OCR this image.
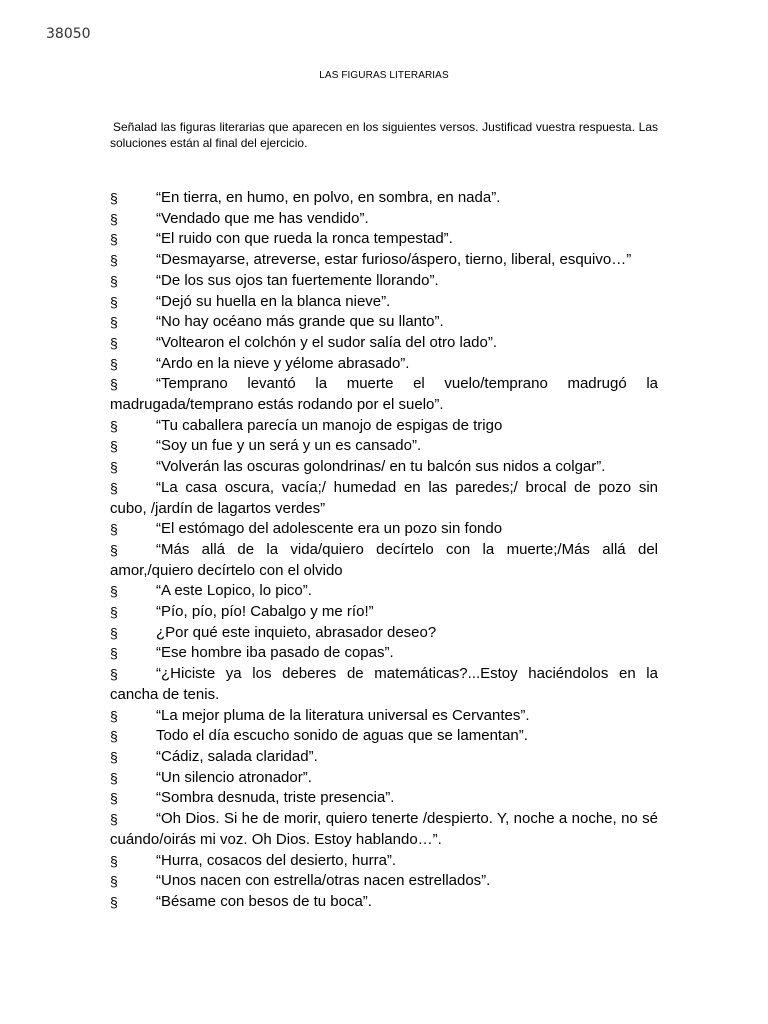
38050
LAS FIGURAS LITERARIAS
Señalad las figuras literarias que aparecen en los siguientes versos. Justificad vuestra respuesta. Las soluciones están al final del ejercicio.
§	“En tierra, en humo, en polvo, en sombra, en nada”.
§	“Vendado que me has vendido”.
§	“El ruido con que rueda la ronca tempestad”.
§	“Desmayarse, atreverse, estar furioso/áspero, tierno, liberal, esquivo…”
§	“De los sus ojos tan fuertemente llorando”.
§	“Dejó su huella en la blanca nieve”.
§	“No hay océano más grande que su llanto”.
§	“Voltearon el colchón y el sudor salía del otro lado”.
§	“Ardo en la nieve y yélome abrasado”.
§	“Temprano levantó la muerte el vuelo/temprano madrugó la madrugada/temprano estás rodando por el suelo”.
§	“Tu caballera parecía un manojo de espigas de trigo
§	“Soy un fue y un será y un es cansado”.
§	“Volverán las oscuras golondrinas/ en tu balcón sus nidos a colgar”.
§	“La casa oscura, vacía;/ humedad en las paredes;/ brocal de pozo sin cubo, /jardín de lagartos verdes”
§	“El estómago del adolescente era un pozo sin fondo
§	“Más allá de la vida/quiero decírtelo con la muerte;/Más allá del amor,/quiero decírtelo con el olvido
§	“A este Lopico, lo pico”.
§	“Pío, pío, pío! Cabalgo y me río!”
§	¿Por qué este inquieto, abrasador deseo?
§	“Ese hombre iba pasado de copas”.
§	“¿Hiciste ya los deberes de matemáticas?...Estoy haciéndolos en la cancha de tenis.
§	“La mejor pluma de la literatura universal es Cervantes”.
§	Todo el día escucho sonido de aguas que se lamentan”.
§	“Cádiz, salada claridad”.
§	“Un silencio atronador”.
§	“Sombra desnuda, triste presencia”.
§	“Oh Dios. Si he de morir, quiero tenerte /despierto. Y, noche a noche, no sé cuándo/oirás mi voz. Oh Dios. Estoy hablando…”.
§	“Hurra, cosacos del desierto, hurra”.
§	“Unos nacen con estrella/otras nacen estrellados”.
§	“Bésame con besos de tu boca”.
